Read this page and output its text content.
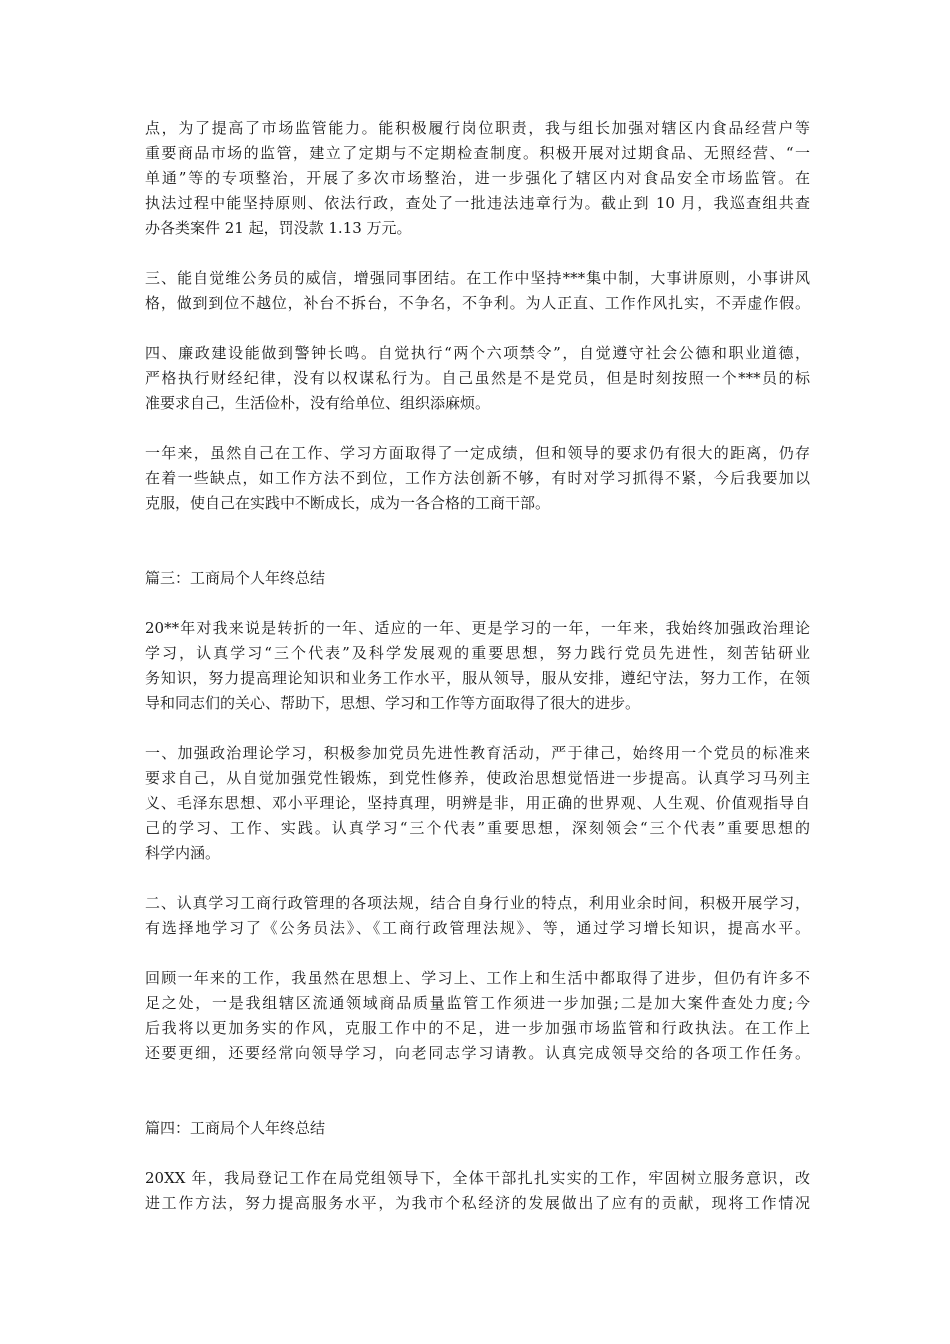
点，为了提高了市场监管能力。能积极履行岗位职责，我与组长加强对辖区内食品经营户等
重要商品市场的监管，建立了定期与不定期检查制度。积极开展对过期食品、无照经营、“一
单通”等的专项整治，开展了多次市场整治，进一步强化了辖区内对食品安全市场监管。在
执法过程中能坚持原则、依法行政，查处了一批违法违章行为。截止到 10 月，我巡查组共查
办各类案件 21 起，罚没款 1.13 万元。
三、能自觉维公务员的威信，增强同事团结。在工作中坚持***集中制，大事讲原则，小事讲风
格，做到到位不越位，补台不拆台，不争名，不争利。为人正直、工作作风扎实，不弄虚作假。
四、廉政建设能做到警钟长鸣。自觉执行“两个六项禁令”，自觉遵守社会公德和职业道德，
严格执行财经纪律，没有以权谋私行为。自己虽然是不是党员，但是时刻按照一个***员的标
准要求自己，生活俭朴，没有给单位、组织添麻烦。
一年来，虽然自己在工作、学习方面取得了一定成绩，但和领导的要求仍有很大的距离，仍存
在着一些缺点，如工作方法不到位，工作方法创新不够，有时对学习抓得不紧，今后我要加以
克服，使自己在实践中不断成长，成为一各合格的工商干部。
篇三：工商局个人年终总结
20**年对我来说是转折的一年、适应的一年、更是学习的一年，一年来，我始终加强政治理论
学习，认真学习“三个代表”及科学发展观的重要思想，努力践行党员先进性，刻苦钻研业
务知识，努力提高理论知识和业务工作水平，服从领导，服从安排，遵纪守法，努力工作，在领
导和同志们的关心、帮助下，思想、学习和工作等方面取得了很大的进步。
一、加强政治理论学习，积极参加党员先进性教育活动，严于律己，始终用一个党员的标准来
要求自己，从自觉加强党性锻炼，到党性修养，使政治思想觉悟进一步提高。认真学习马列主
义、毛泽东思想、邓小平理论，坚持真理，明辨是非，用正确的世界观、人生观、价值观指导自
己的学习、工作、实践。认真学习“三个代表”重要思想，深刻领会“三个代表”重要思想的
科学内涵。
二、认真学习工商行政管理的各项法规，结合自身行业的特点，利用业余时间，积极开展学习，
有选择地学习了《公务员法》、《工商行政管理法规》、等，通过学习增长知识，提高水平。
回顾一年来的工作，我虽然在思想上、学习上、工作上和生活中都取得了进步，但仍有许多不
足之处，一是我组辖区流通领域商品质量监管工作须进一步加强;二是加大案件查处力度;今
后我将以更加务实的作风，克服工作中的不足，进一步加强市场监管和行政执法。在工作上
还要更细，还要经常向领导学习，向老同志学习请教。认真完成领导交给的各项工作任务。
篇四：工商局个人年终总结
20XX 年，我局登记工作在局党组领导下，全体干部扎扎实实的工作，牢固树立服务意识，改
进工作方法，努力提高服务水平，为我市个私经济的发展做出了应有的贡献，现将工作情况
